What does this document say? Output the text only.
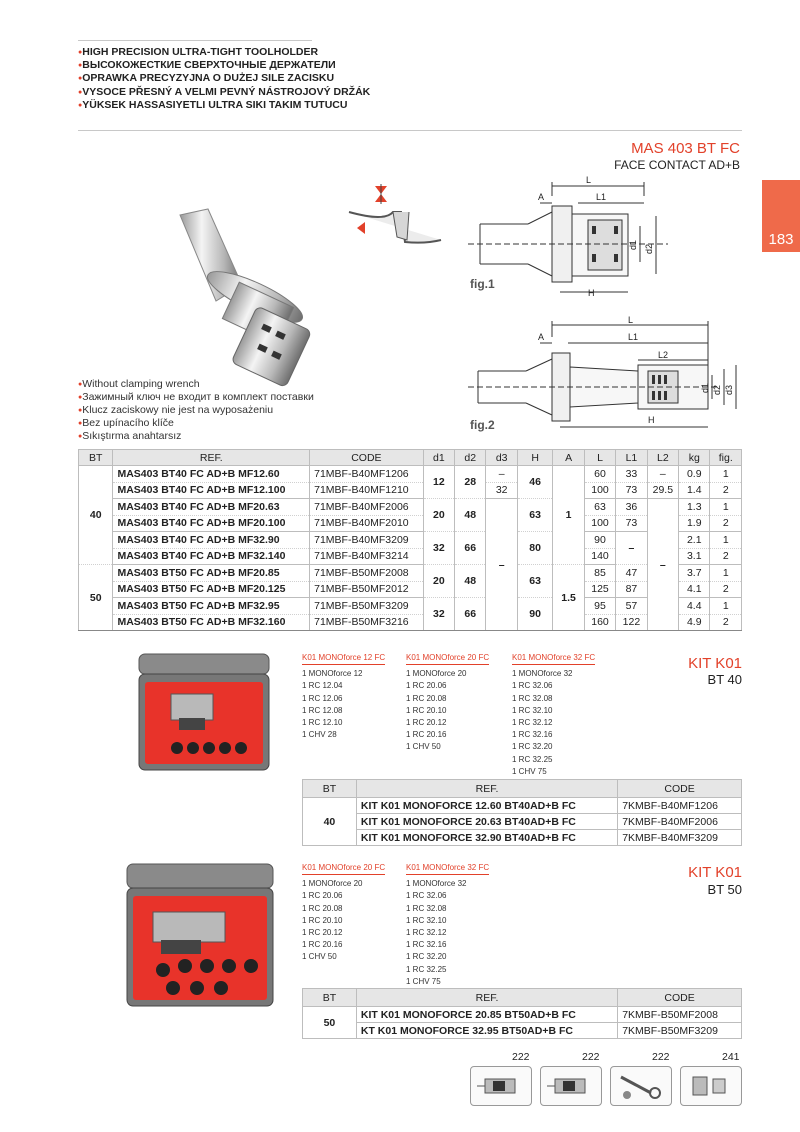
● HIGH PRECISION ULTRA-TIGHT TOOLHOLDER
● ВЫСОКОЖЕСТКИЕ СВЕРХТОЧНЫЕ ДЕРЖАТЕЛИ
● OPRAWKA PRECYZYJNA O DUŻEJ SILE ZACISKU
● VYSOCE PŘESNÝ A VELMI PEVNÝ NÁSTROJOVÝ DRŽÁK
● YÜKSEK HASSASIYETLI ULTRA SIKI TAKIM TUTUCU
MAS 403 BT FC
FACE CONTACT AD+B
183
L
A	L1
d1 d2
H
fig.1
L
A	L1
L2
d1 d2 d3
H
fig.2
● Without clamping wrench
● Зажимный ключ не входит в комплект поставки
● Klucz zaciskowy nie jest na wyposażeniu
● Bez upínacího klíče
● Sıkıştırma anahtarsız
BT	REF.	CODE	d1	d2	d3	H	A	L	L1	L2	kg	fig.
40	MAS403 BT40 FC AD+B MF12.60	71MBF-B40MF1206	12	28	–	46	1	60	33	–	0.9	1
	MAS403 BT40 FC AD+B MF12.100	71MBF-B40MF1210			32			100	73	29.5	1.4	2
	MAS403 BT40 FC AD+B MF20.63	71MBF-B40MF2006	20	48	–	63		63	36	–	1.3	1
	MAS403 BT40 FC AD+B MF20.100	71MBF-B40MF2010						100	73		1.9	2
	MAS403 BT40 FC AD+B MF32.90	71MBF-B40MF3209	32	66		80		90	–		2.1	1
	MAS403 BT40 FC AD+B MF32.140	71MBF-B40MF3214						140			3.1	2
50	MAS403 BT50 FC AD+B MF20.85	71MBF-B50MF2008	20	48		63	1.5	85	47		3.7	1
	MAS403 BT50 FC AD+B MF20.125	71MBF-B50MF2012						125	87		4.1	2
	MAS403 BT50 FC AD+B MF32.95	71MBF-B50MF3209	32	66		90		95	57		4.4	1
	MAS403 BT50 FC AD+B MF32.160	71MBF-B50MF3216						160	122		4.9	2
K01 MONOforce 12 FC
1 MONOforce 12
1 RC 12.04
1 RC 12.06
1 RC 12.08
1 RC 12.10
1 CHV 28
K01 MONOforce 20 FC
1 MONOforce 20
1 RC 20.06
1 RC 20.08
1 RC 20.10
1 RC 20.12
1 RC 20.16
1 CHV 50
K01 MONOforce 32 FC
1 MONOforce 32
1 RC 32.06
1 RC 32.08
1 RC 32.10
1 RC 32.12
1 RC 32.16
1 RC 32.20
1 RC 32.25
1 CHV 75
KIT K01
BT 40
BT	REF.	CODE
40	KIT K01 MONOFORCE 12.60 BT40AD+B FC	7KMBF-B40MF1206
	KIT K01 MONOFORCE 20.63 BT40AD+B FC	7KMBF-B40MF2006
	KIT K01 MONOFORCE 32.90 BT40AD+B FC	7KMBF-B40MF3209
K01 MONOforce 20 FC
1 MONOforce 20
1 RC 20.06
1 RC 20.08
1 RC 20.10
1 RC 20.12
1 RC 20.16
1 CHV 50
K01 MONOforce 32 FC
1 MONOforce 32
1 RC 32.06
1 RC 32.08
1 RC 32.10
1 RC 32.12
1 RC 32.16
1 RC 32.20
1 RC 32.25
1 CHV 75
KIT K01
BT 50
BT	REF.	CODE
50	KIT K01 MONOFORCE 20.85 BT50AD+B FC	7KMBF-B50MF2008
	KT K01 MONOFORCE 32.95 BT50AD+B FC	7KMBF-B50MF3209
222	222	222	241
